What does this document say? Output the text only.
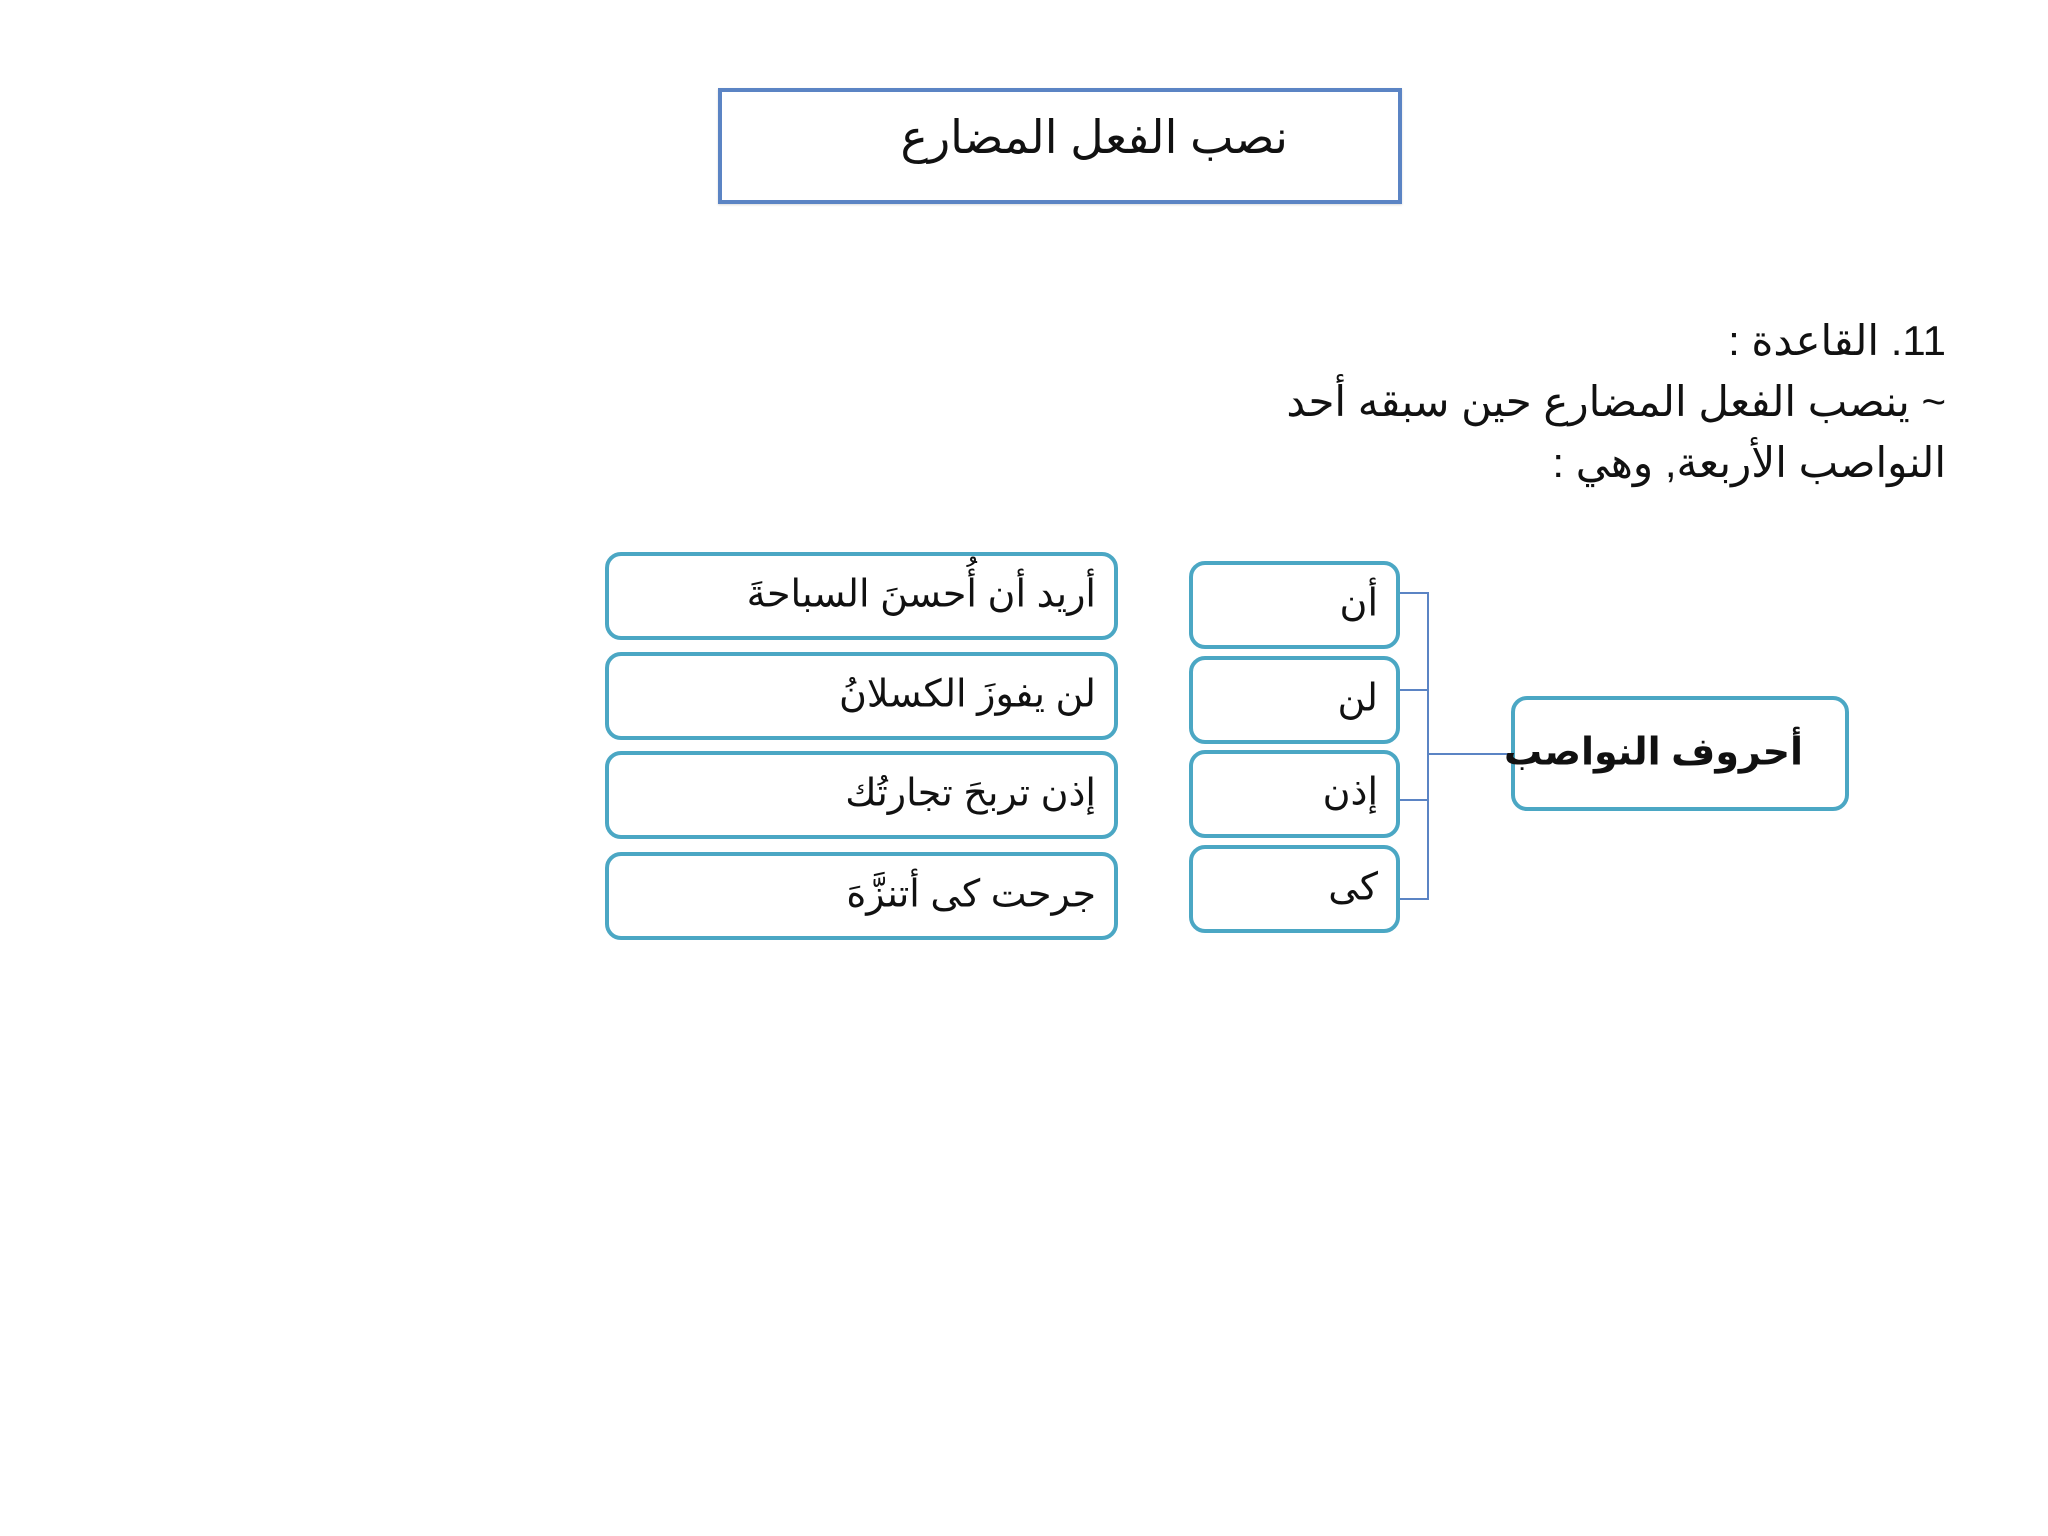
نصب الفعل المضارع
11. القاعدة :
~ ينصب الفعل المضارع حين سبقه أحد
النواصب الأربعة, وهي :
أريد أن أُحسنَ السباحةَ
لن يفوزَ الكسلانُ
إذن تربحَ تجارتُك
جرحت كى أتنزَّهَ
أن
لن
إذن
كى
أحروف النواصب
